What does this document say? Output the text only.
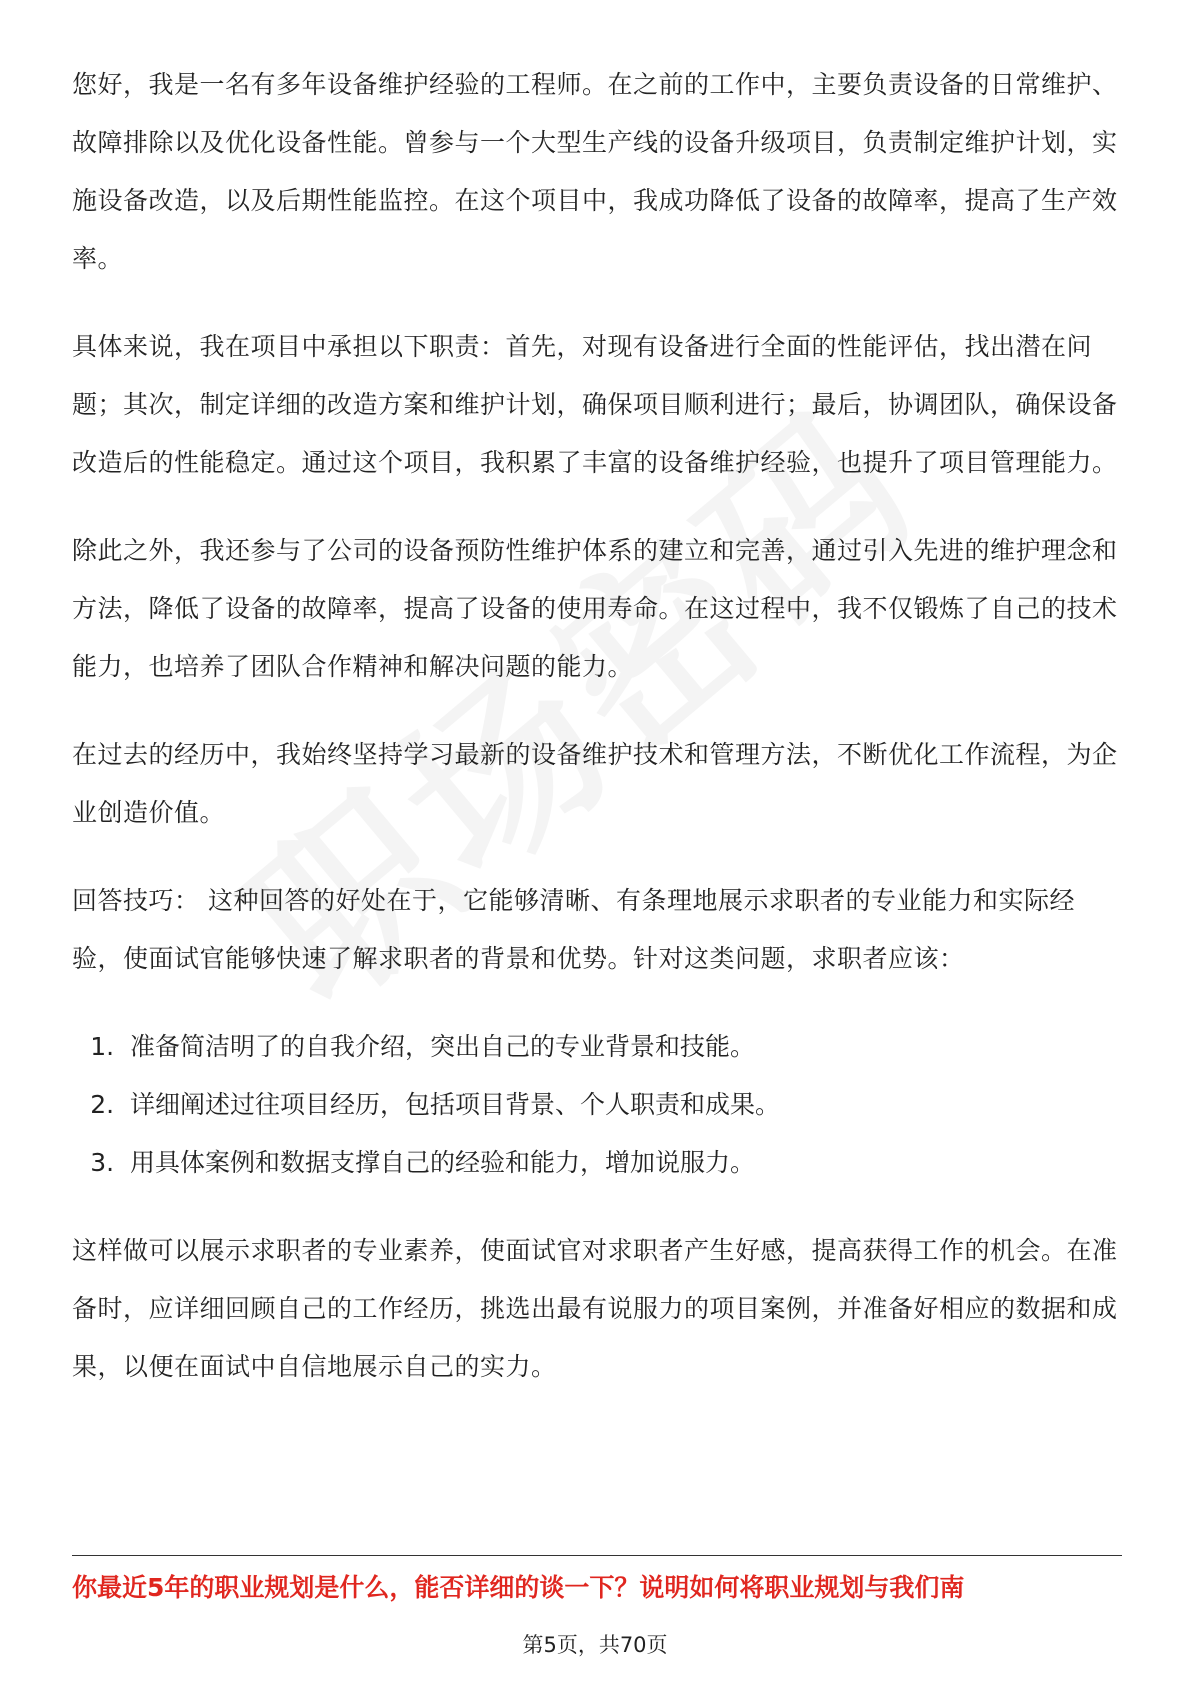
您好，我是一名有多年设备维护经验的工程师。在之前的工作中，主要负责设备的日常维护、故障排除以及优化设备性能。曾参与一个大型生产线的设备升级项目，负责制定维护计划，实施设备改造，以及后期性能监控。在这个项目中，我成功降低了设备的故障率，提高了生产效率。

具体来说，我在项目中承担以下职责：首先，对现有设备进行全面的性能评估，找出潜在问题；其次，制定详细的改造方案和维护计划，确保项目顺利进行；最后，协调团队，确保设备改造后的性能稳定。通过这个项目，我积累了丰富的设备维护经验，也提升了项目管理能力。

除此之外，我还参与了公司的设备预防性维护体系的建立和完善，通过引入先进的维护理念和方法，降低了设备的故障率，提高了设备的使用寿命。在这过程中，我不仅锻炼了自己的技术能力，也培养了团队合作精神和解决问题的能力。

在过去的经历中，我始终坚持学习最新的设备维护技术和管理方法，不断优化工作流程，为企业创造价值。

回答技巧： 这种回答的好处在于，它能够清晰、有条理地展示求职者的专业能力和实际经验，使面试官能够快速了解求职者的背景和优势。针对这类问题，求职者应该：

1. 准备简洁明了的自我介绍，突出自己的专业背景和技能。
2. 详细阐述过往项目经历，包括项目背景、个人职责和成果。
3. 用具体案例和数据支撑自己的经验和能力，增加说服力。

这样做可以展示求职者的专业素养，使面试官对求职者产生好感，提高获得工作的机会。在准备时，应详细回顾自己的工作经历，挑选出最有说服力的项目案例，并准备好相应的数据和成果，以便在面试中自信地展示自己的实力。

你最近5年的职业规划是什么，能否详细的谈一下？说明如何将职业规划与我们南
第5页，共70页
